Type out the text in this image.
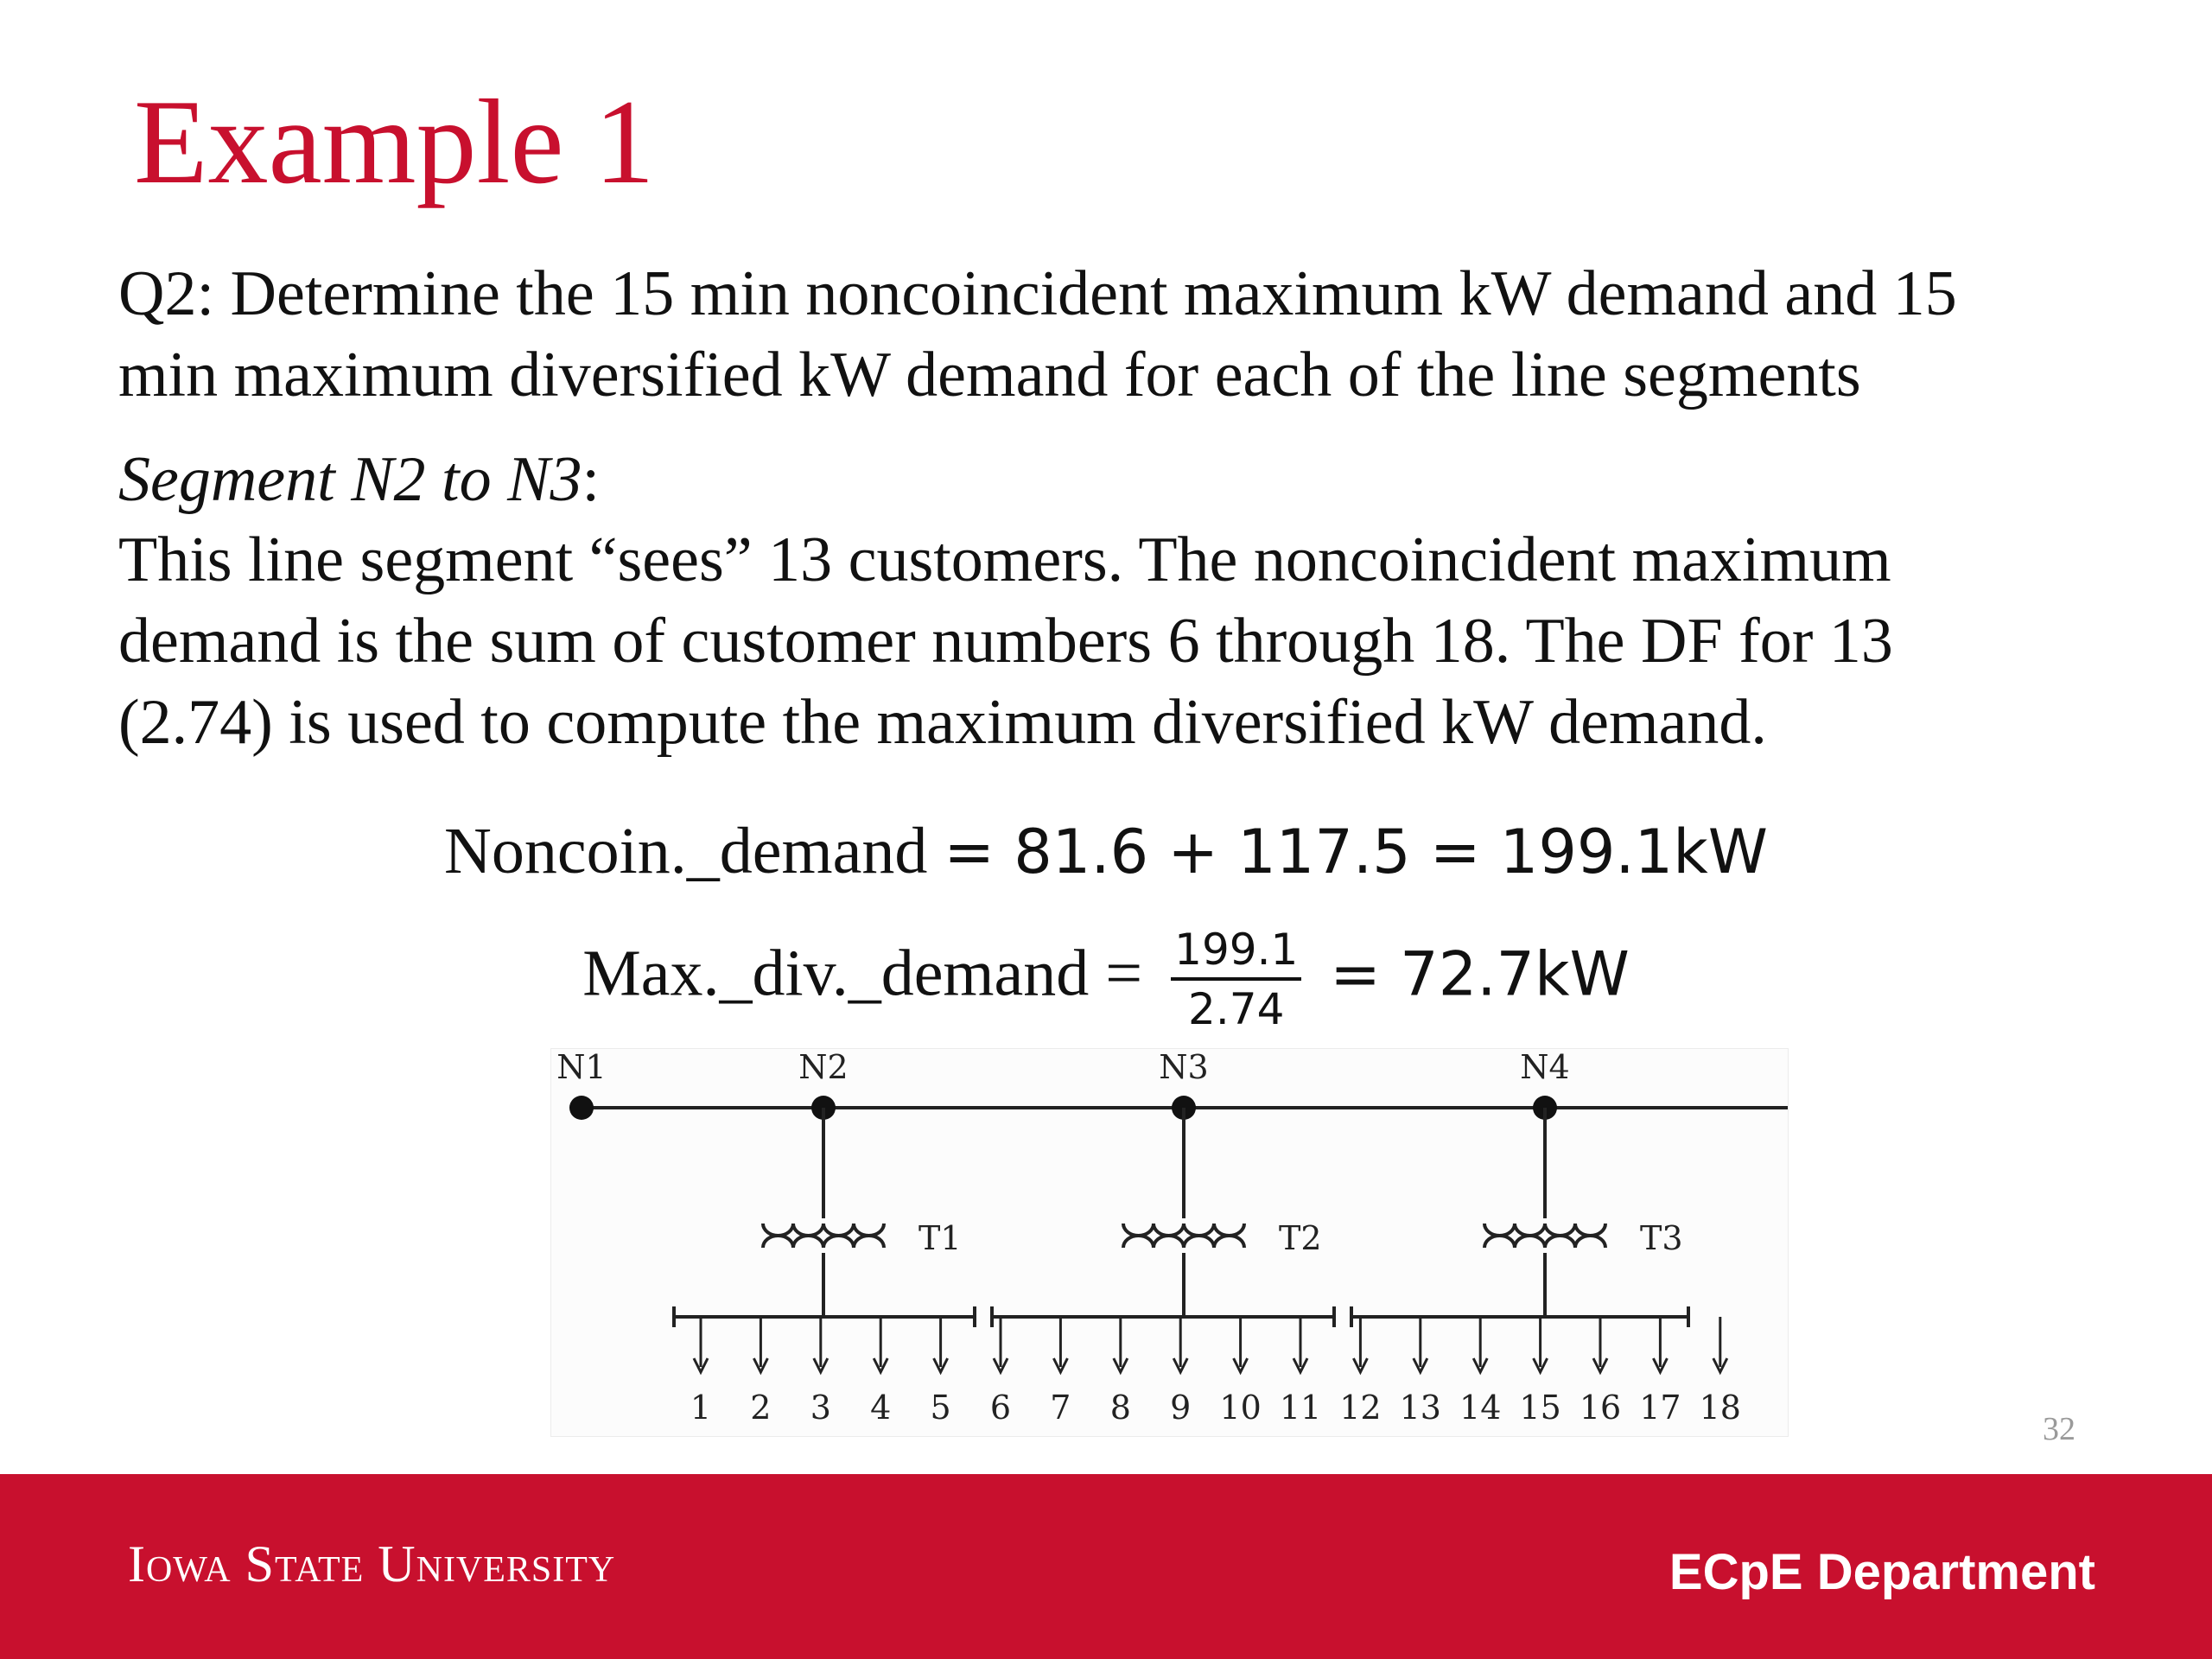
Example 1
Q2: Determine the 15 min noncoincident maximum kW demand and 15
min maximum diversified kW demand for each of the line segments
Segment N2 to N3:
This line segment “sees” 13 customers. The noncoincident maximum
demand is the sum of customer numbers 6 through 18. The DF for 13
(2.74) is used to compute the maximum diversified kW demand.
Noncoin._demand = 81.6 + 117.5 = 199.1kW
Max._div._demand = $\frac{199.1}{2.74} = 72.7kW$
N1	N2	N3	N4
T1	T2	T3
1 2 3 4 5 6 7 8 9 10 11 12 13 14 15 16 17 18
32
Iowa State University	ECpE Department
